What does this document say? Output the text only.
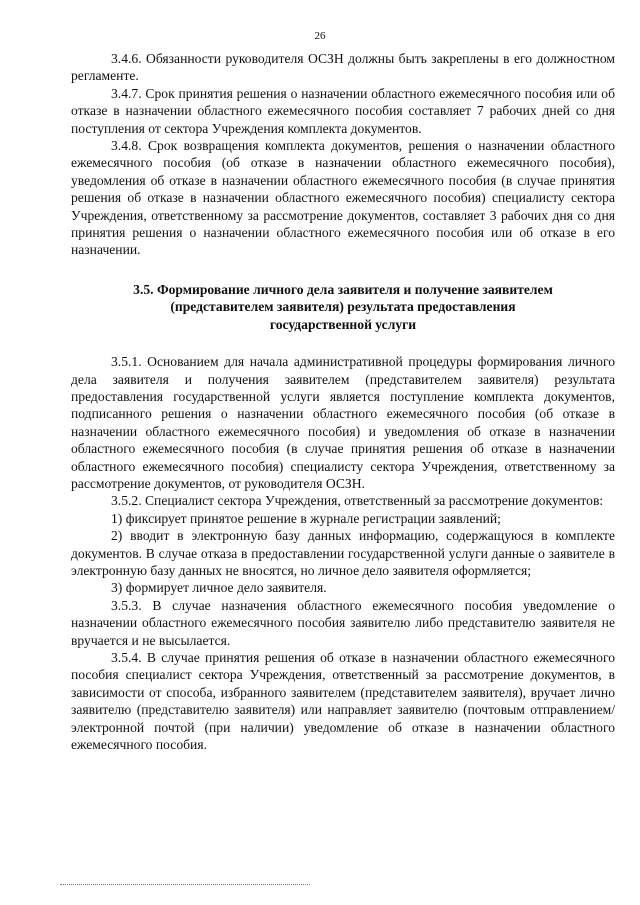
26

3.4.6. Обязанности руководителя ОСЗН должны быть закреплены в его должностном регламенте.

3.4.7. Срок принятия решения о назначении областного ежемесячного пособия или об отказе в назначении областного ежемесячного пособия составляет 7 рабочих дней со дня поступления от сектора Учреждения комплекта документов.

3.4.8. Срок возвращения комплекта документов, решения о назначении областного ежемесячного пособия (об отказе в назначении областного ежемесячного пособия), уведомления об отказе в назначении областного ежемесячного пособия (в случае принятия решения об отказе в назначении областного ежемесячного пособия) специалисту сектора Учреждения, ответственному за рассмотрение документов, составляет 3 рабочих дня со дня принятия решения о назначении областного ежемесячного пособия или об отказе в его назначении.

3.5. Формирование личного дела заявителя и получение заявителем (представителем заявителя) результата предоставления государственной услуги

3.5.1. Основанием для начала административной процедуры формирования личного дела заявителя и получения заявителем (представителем заявителя) результата предоставления государственной услуги является поступление комплекта документов, подписанного решения о назначении областного ежемесячного пособия (об отказе в назначении областного ежемесячного пособия) и уведомления об отказе в назначении областного ежемесячного пособия (в случае принятия решения об отказе в назначении областного ежемесячного пособия) специалисту сектора Учреждения, ответственному за рассмотрение документов, от руководителя ОСЗН.

3.5.2. Специалист сектора Учреждения, ответственный за рассмотрение документов:

1) фиксирует принятое решение в журнале регистрации заявлений;

2) вводит в электронную базу данных информацию, содержащуюся в комплекте документов. В случае отказа в предоставлении государственной услуги данные о заявителе в электронную базу данных не вносятся, но личное дело заявителя оформляется;

3) формирует личное дело заявителя.

3.5.3. В случае назначения областного ежемесячного пособия уведомление о назначении областного ежемесячного пособия заявителю либо представителю заявителя не вручается и не высылается.

3.5.4. В случае принятия решения об отказе в назначении областного ежемесячного пособия специалист сектора Учреждения, ответственный за рассмотрение документов, в зависимости от способа, избранного заявителем (представителем заявителя), вручает лично заявителю (представителю заявителя) или направляет заявителю (почтовым отправлением/электронной почтой (при наличии) уведомление об отказе в назначении областного ежемесячного пособия.
